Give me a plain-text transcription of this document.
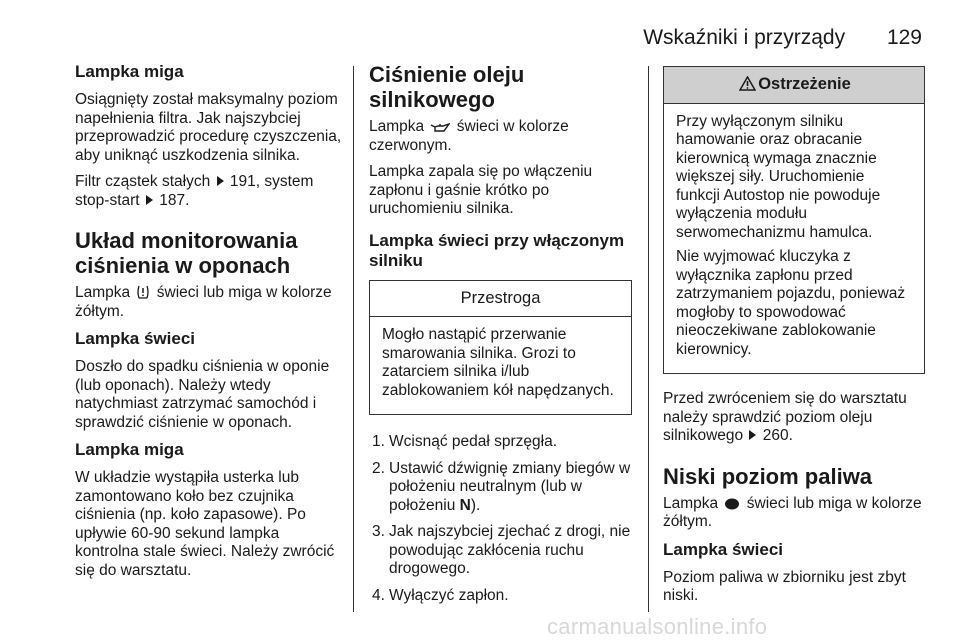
Wskaźniki i przyrządy 129
Lampka miga

Osiągnięty został maksymalny poziom napełnienia filtra. Jak najszybciej przeprowadzić procedurę czyszczenia, aby uniknąć uszkodzenia silnika.

Filtr cząstek stałych 191, system stop-start 187.

Układ monitorowania ciśnienia w oponach

Lampka świeci lub miga w kolorze żółtym.

Lampka świeci

Doszło do spadku ciśnienia w oponie (lub oponach). Należy wtedy natychmiast zatrzymać samochód i sprawdzić ciśnienie w oponach.

Lampka miga

W układzie wystąpiła usterka lub zamontowano koło bez czujnika ciśnienia (np. koło zapasowe). Po upływie 60-90 sekund lampka kontrolna stale świeci. Należy zwrócić się do warsztatu.

Ciśnienie oleju silnikowego

Lampka świeci w kolorze czerwonym.

Lampka zapala się po włączeniu zapłonu i gaśnie krótko po uruchomieniu silnika.

Lampka świeci przy włączonym silniku
Przestroga

Mogło nastąpić przerwanie smarowania silnika. Grozi to zatarciem silnika i/lub zablokowaniem kół napędzanych.

1. Wcisnąć pedał sprzęgła.
2. Ustawić dźwignię zmiany biegów w położeniu neutralnym (lub w położeniu N).
3. Jak najszybciej zjechać z drogi, nie powodując zakłócenia ruchu drogowego.
4. Wyłączyć zapłon.
Ostrzeżenie

Przy wyłączonym silniku hamowanie oraz obracanie kierownicą wymaga znacznie większej siły. Uruchomienie funkcji Autostop nie powoduje wyłączenia modułu serwomechanizmu hamulca.

Nie wyjmować kluczyka z wyłącznika zapłonu przed zatrzymaniem pojazdu, ponieważ mogłoby to spowodować nieoczekiwane zablokowanie kierownicy.

Przed zwróceniem się do warsztatu należy sprawdzić poziom oleju silnikowego 260.

Niski poziom paliwa

Lampka świeci lub miga w kolorze żółtym.

Lampka świeci

Poziom paliwa w zbiorniku jest zbyt niski.

carmanualsonline.info
